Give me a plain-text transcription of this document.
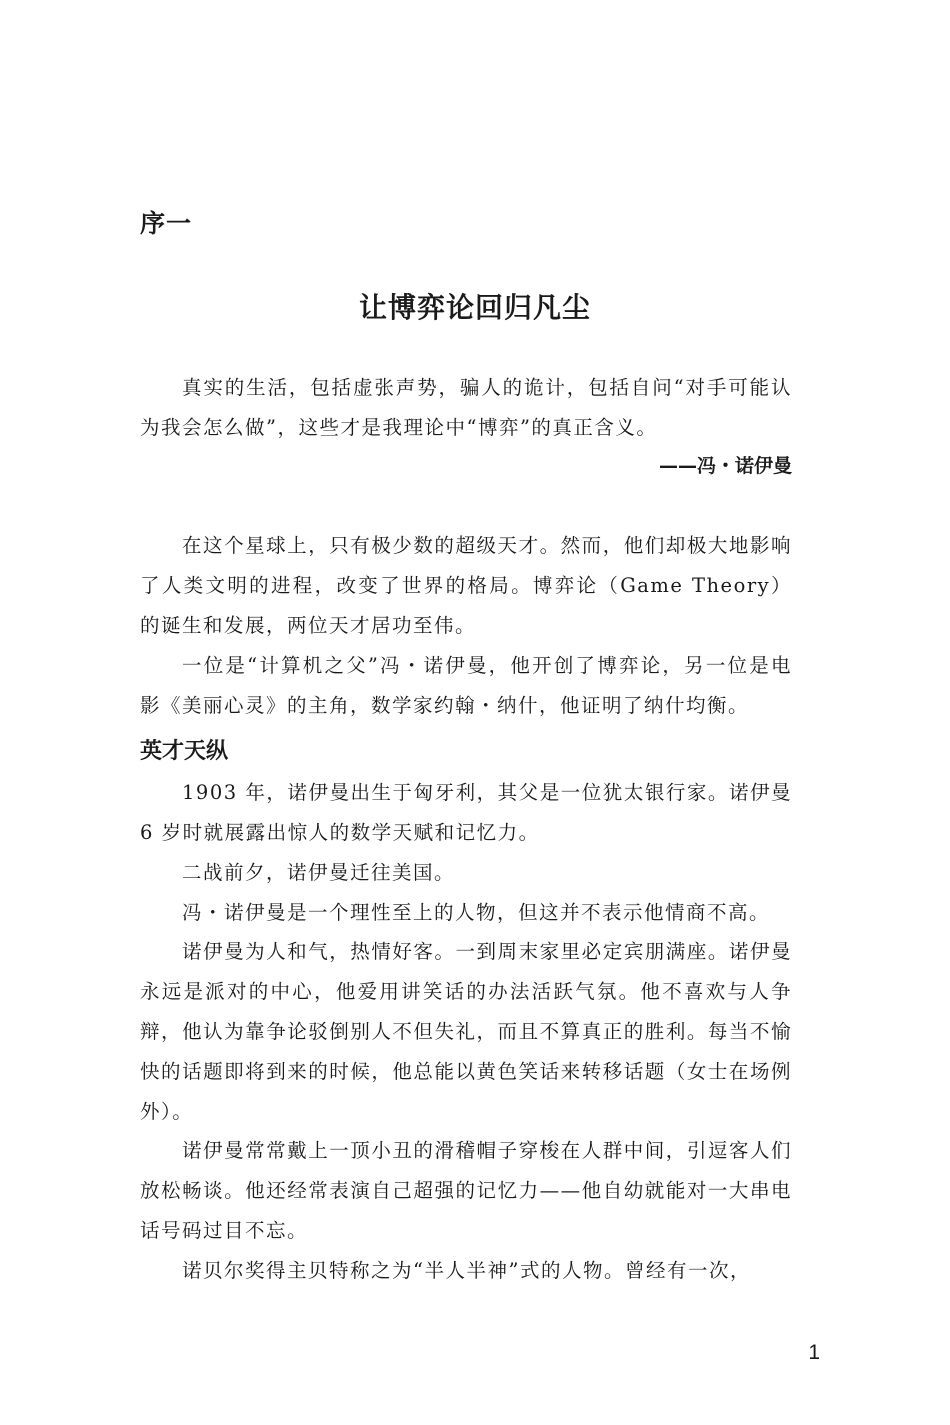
序一
让博弈论回归凡尘

真实的生活，包括虚张声势，骗人的诡计，包括自问“对手可能认为我会怎么做”，这些才是我理论中“博弈”的真正含义。

——冯・诺伊曼

在这个星球上，只有极少数的超级天才。然而，他们却极大地影响了人类文明的进程，改变了世界的格局。博弈论（Game Theory）的诞生和发展，两位天才居功至伟。

一位是“计算机之父”冯・诺伊曼，他开创了博弈论，另一位是电影《美丽心灵》的主角，数学家约翰・纳什，他证明了纳什均衡。

英才天纵

1903 年，诺伊曼出生于匈牙利，其父是一位犹太银行家。诺伊曼 6 岁时就展露出惊人的数学天赋和记忆力。

二战前夕，诺伊曼迁往美国。

冯・诺伊曼是一个理性至上的人物，但这并不表示他情商不高。

诺伊曼为人和气，热情好客。一到周末家里必定宾朋满座。诺伊曼永远是派对的中心，他爱用讲笑话的办法活跃气氛。他不喜欢与人争辩，他认为靠争论驳倒别人不但失礼，而且不算真正的胜利。每当不愉快的话题即将到来的时候，他总能以黄色笑话来转移话题（女士在场例外）。

诺伊曼常常戴上一顶小丑的滑稽帽子穿梭在人群中间，引逗客人们放松畅谈。他还经常表演自己超强的记忆力——他自幼就能对一大串电话号码过目不忘。

诺贝尔奖得主贝特称之为“半人半神”式的人物。曾经有一次，

1
